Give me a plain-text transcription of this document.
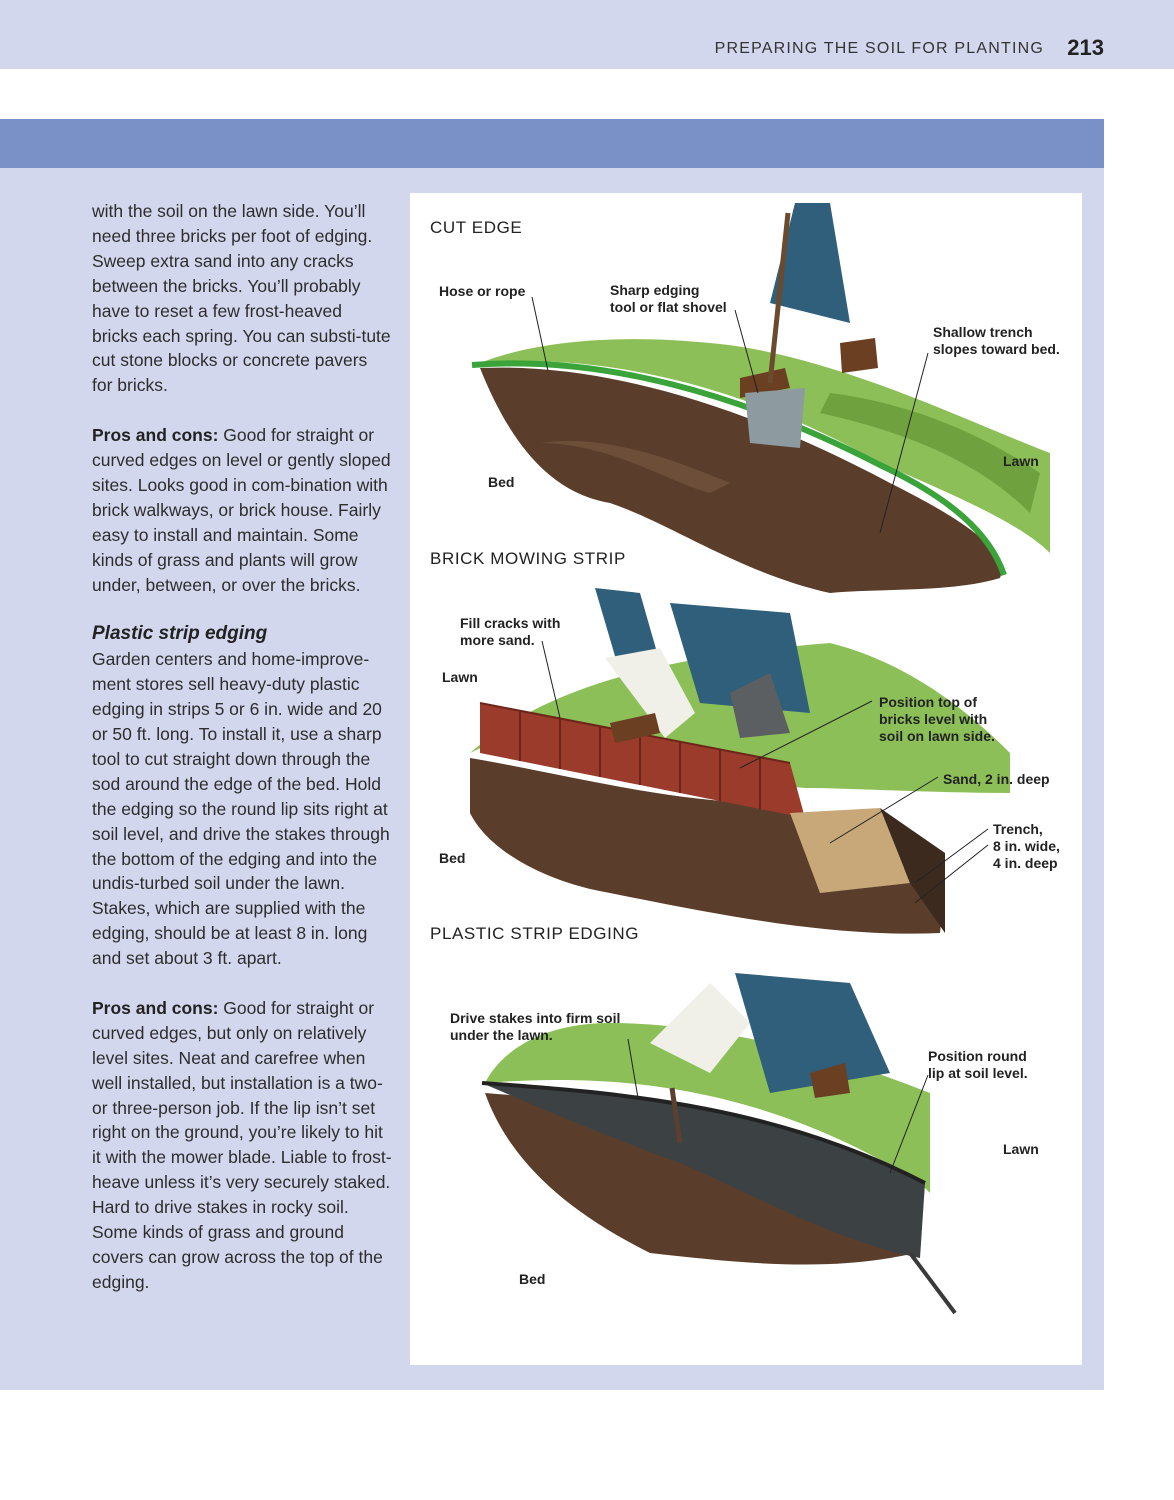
PREPARING THE SOIL FOR PLANTING 213

with the soil on the lawn side. You’ll need three bricks per foot of edging. Sweep extra sand into any cracks between the bricks. You’ll probably have to reset a few frost-heaved bricks each spring. You can substi-tute cut stone blocks or concrete pavers for bricks.

Pros and cons: Good for straight or curved edges on level or gently sloped sites. Looks good in com-bination with brick walkways, or brick house. Fairly easy to install and maintain. Some kinds of grass and plants will grow under, between, or over the bricks.

Plastic strip edging

Garden centers and home-improve-ment stores sell heavy-duty plastic edging in strips 5 or 6 in. wide and 20 or 50 ft. long. To install it, use a sharp tool to cut straight down through the sod around the edge of the bed. Hold the edging so the round lip sits right at soil level, and drive the stakes through the bottom of the edging and into the undis-turbed soil under the lawn. Stakes, which are supplied with the edging, should be at least 8 in. long and set about 3 ft. apart.

Pros and cons: Good for straight or curved edges, but only on relatively level sites. Neat and carefree when well installed, but installation is a two- or three-person job. If the lip isn’t set right on the ground, you’re likely to hit it with the mower blade. Liable to frost-heave unless it’s very securely staked. Hard to drive stakes in rocky soil. Some kinds of grass and ground covers can grow across the top of the edging.

CUT EDGE
BRICK MOWING STRIP
PLASTIC STRIP EDGING
Hose or rope	Sharp edging
tool or flat shovel
Shallow trench
slopes toward bed.
Lawn
Bed
Fill cracks with
more sand.
Lawn
Position top of
bricks level with
soil on lawn side.
Sand, 2 in. deep
Trench,
8 in. wide,
4 in. deep
Bed
Drive stakes into firm soil
under the lawn.
Position round
lip at soil level.
Lawn
Bed
